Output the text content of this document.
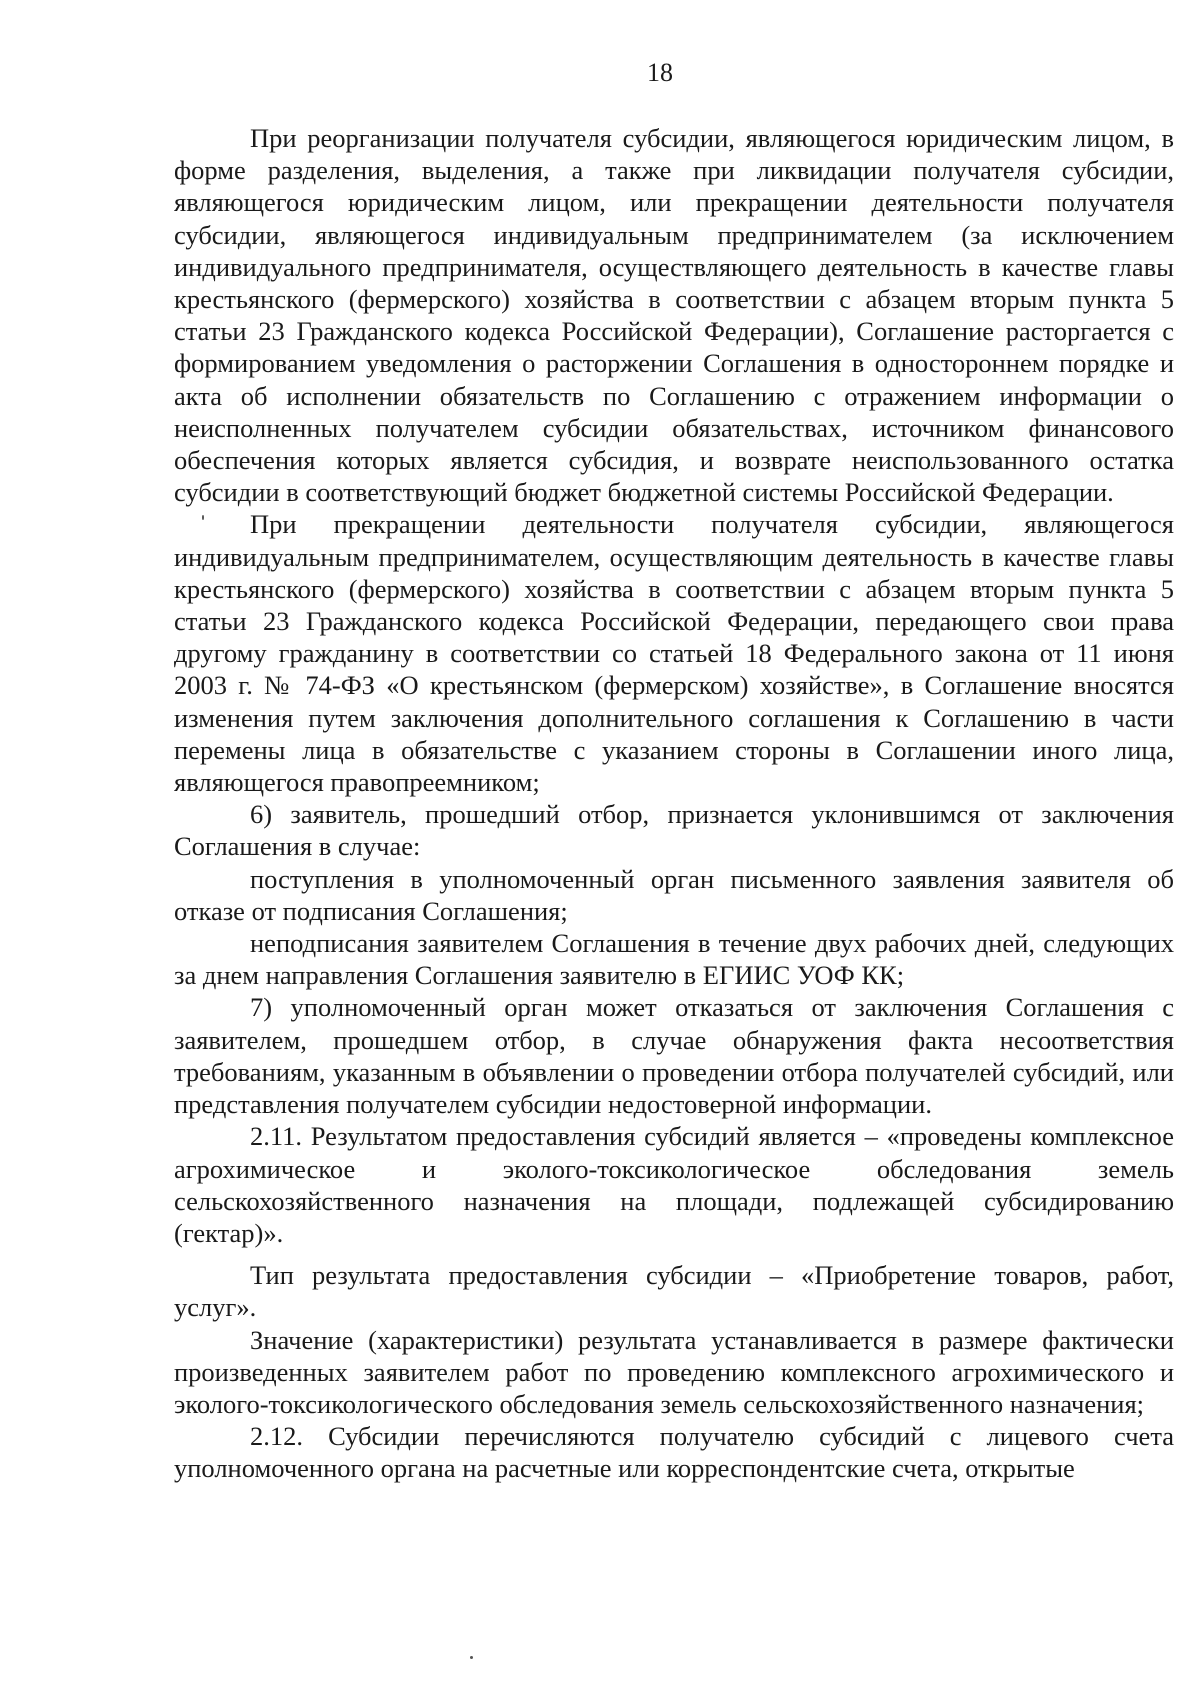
18

При реорганизации получателя субсидии, являющегося юридическим лицом, в форме разделения, выделения, а также при ликвидации получателя субсидии, являющегося юридическим лицом, или прекращении деятельности получателя субсидии, являющегося индивидуальным предпринимателем (за исключением индивидуального предпринимателя, осуществляющего деятельность в качестве главы крестьянского (фермерского) хозяйства в соответствии с абзацем вторым пункта 5 статьи 23 Гражданского кодекса Российской Федерации), Соглашение расторгается с формированием уведомления о расторжении Соглашения в одностороннем порядке и акта об исполнении обязательств по Соглашению с отражением информации о неисполненных получателем субсидии обязательствах, источником финансового обеспечения которых является субсидия, и возврате неиспользованного остатка субсидии в соответствующий бюджет бюджетной системы Российской Федерации.

При прекращении деятельности получателя субсидии, являющегося индивидуальным предпринимателем, осуществляющим деятельность в качестве главы крестьянского (фермерского) хозяйства в соответствии с абзацем вторым пункта 5 статьи 23 Гражданского кодекса Российской Федерации, передающего свои права другому гражданину в соответствии со статьей 18 Федерального закона от 11 июня 2003 г. № 74-ФЗ «О крестьянском (фермерском) хозяйстве», в Соглашение вносятся изменения путем заключения дополнительного соглашения к Соглашению в части перемены лица в обязательстве с указанием стороны в Соглашении иного лица, являющегося правопреемником;

6) заявитель, прошедший отбор, признается уклонившимся от заключения Соглашения в случае:

поступления в уполномоченный орган письменного заявления заявителя об отказе от подписания Соглашения;

неподписания заявителем Соглашения в течение двух рабочих дней, следующих за днем направления Соглашения заявителю в ЕГИИС УОФ КК;

7) уполномоченный орган может отказаться от заключения Соглашения с заявителем, прошедшем отбор, в случае обнаружения факта несоответствия требованиям, указанным в объявлении о проведении отбора получателей субсидий, или представления получателем субсидии недостоверной информации.

2.11. Результатом предоставления субсидий является – «проведены комплексное агрохимическое и эколого-токсикологическое обследования земель сельскохозяйственного назначения на площади, подлежащей субсидированию (гектар)».

Тип результата предоставления субсидии – «Приобретение товаров, работ, услуг».

Значение (характеристики) результата устанавливается в размере фактически произведенных заявителем работ по проведению комплексного агрохимического и эколого-токсикологического обследования земель сельскохозяйственного назначения;

2.12. Субсидии перечисляются получателю субсидий с лицевого счета уполномоченного органа на расчетные или корреспондентские счета, открытые
